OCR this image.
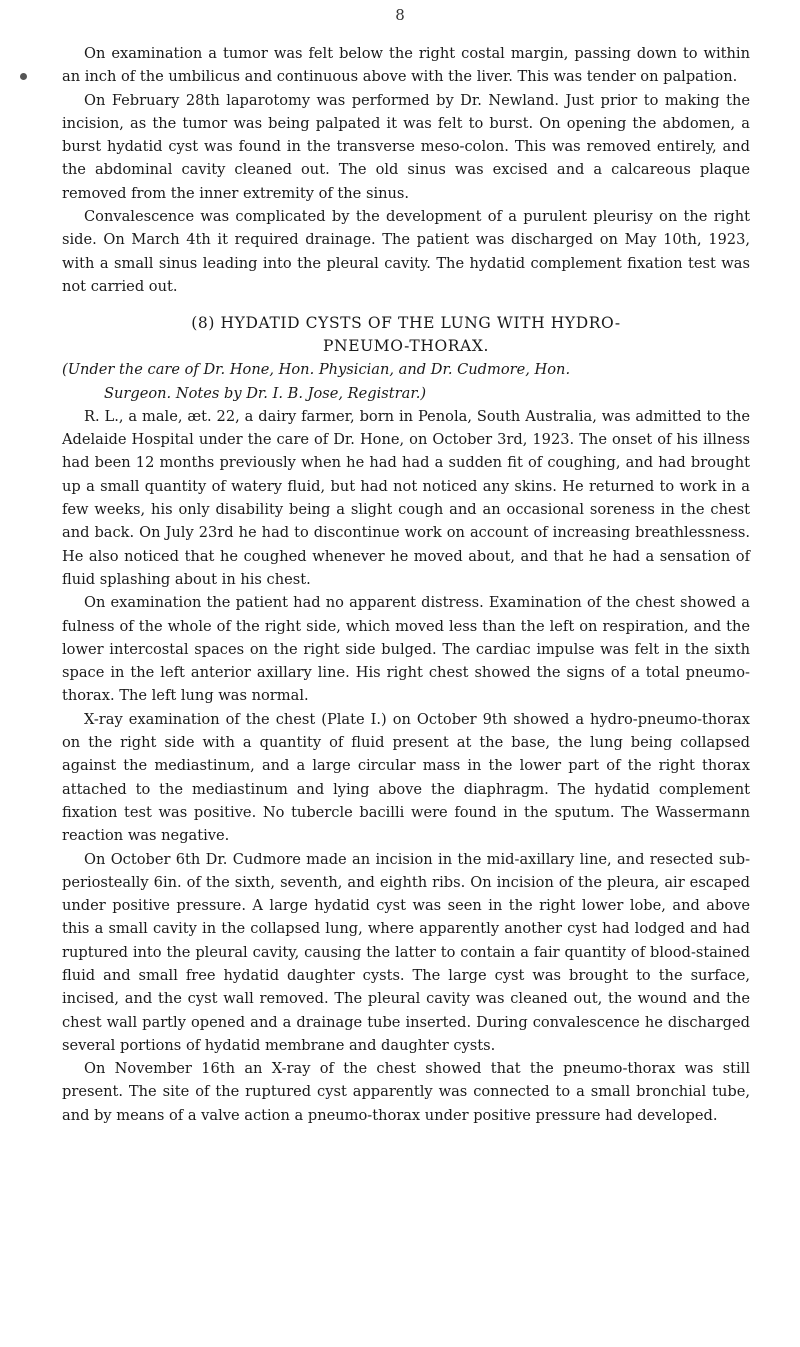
8

On examination a tumor was felt below the right costal margin, passing down to within an inch of the umbilicus and continuous above with the liver. This was tender on palpation.

On February 28th laparotomy was performed by Dr. Newland. Just prior to making the incision, as the tumor was being palpated it was felt to burst. On opening the abdomen, a burst hydatid cyst was found in the transverse meso-colon. This was removed entirely, and the abdominal cavity cleaned out. The old sinus was excised and a calcareous plaque removed from the inner extremity of the sinus.

Convalescence was complicated by the development of a purulent pleurisy on the right side. On March 4th it required drainage. The patient was discharged on May 10th, 1923, with a small sinus leading into the pleural cavity. The hydatid complement fixation test was not carried out.

(8) HYDATID CYSTS OF THE LUNG WITH HYDRO-
PNEUMO-THORAX.

(Under the care of Dr. Hone, Hon. Physician, and Dr. Cudmore, Hon.
Surgeon. Notes by Dr. I. B. Jose, Registrar.)

R. L., a male, æt. 22, a dairy farmer, born in Penola, South Australia, was admitted to the Adelaide Hospital under the care of Dr. Hone, on October 3rd, 1923. The onset of his illness had been 12 months previously when he had had a sudden fit of coughing, and had brought up a small quantity of watery fluid, but had not noticed any skins. He returned to work in a few weeks, his only disability being a slight cough and an occasional soreness in the chest and back. On July 23rd he had to discontinue work on account of increasing breathlessness. He also noticed that he coughed whenever he moved about, and that he had a sensation of fluid splashing about in his chest.

On examination the patient had no apparent distress. Examination of the chest showed a fulness of the whole of the right side, which moved less than the left on respiration, and the lower intercostal spaces on the right side bulged. The cardiac impulse was felt in the sixth space in the left anterior axillary line. His right chest showed the signs of a total pneumo-thorax. The left lung was normal.

X-ray examination of the chest (Plate I.) on October 9th showed a hydro-pneumo-thorax on the right side with a quantity of fluid present at the base, the lung being collapsed against the mediastinum, and a large circular mass in the lower part of the right thorax attached to the mediastinum and lying above the diaphragm. The hydatid complement fixation test was positive. No tubercle bacilli were found in the sputum. The Wassermann reaction was negative.

On October 6th Dr. Cudmore made an incision in the mid-axillary line, and resected sub-periosteally 6in. of the sixth, seventh, and eighth ribs. On incision of the pleura, air escaped under positive pressure. A large hydatid cyst was seen in the right lower lobe, and above this a small cavity in the collapsed lung, where apparently another cyst had lodged and had ruptured into the pleural cavity, causing the latter to contain a fair quantity of blood-stained fluid and small free hydatid daughter cysts. The large cyst was brought to the surface, incised, and the cyst wall removed. The pleural cavity was cleaned out, the wound and the chest wall partly opened and a drainage tube inserted. During convalescence he discharged several portions of hydatid membrane and daughter cysts.

On November 16th an X-ray of the chest showed that the pneumo-thorax was still present. The site of the ruptured cyst apparently was connected to a small bronchial tube, and by means of a valve action a pneumo-thorax under positive pressure had developed.
